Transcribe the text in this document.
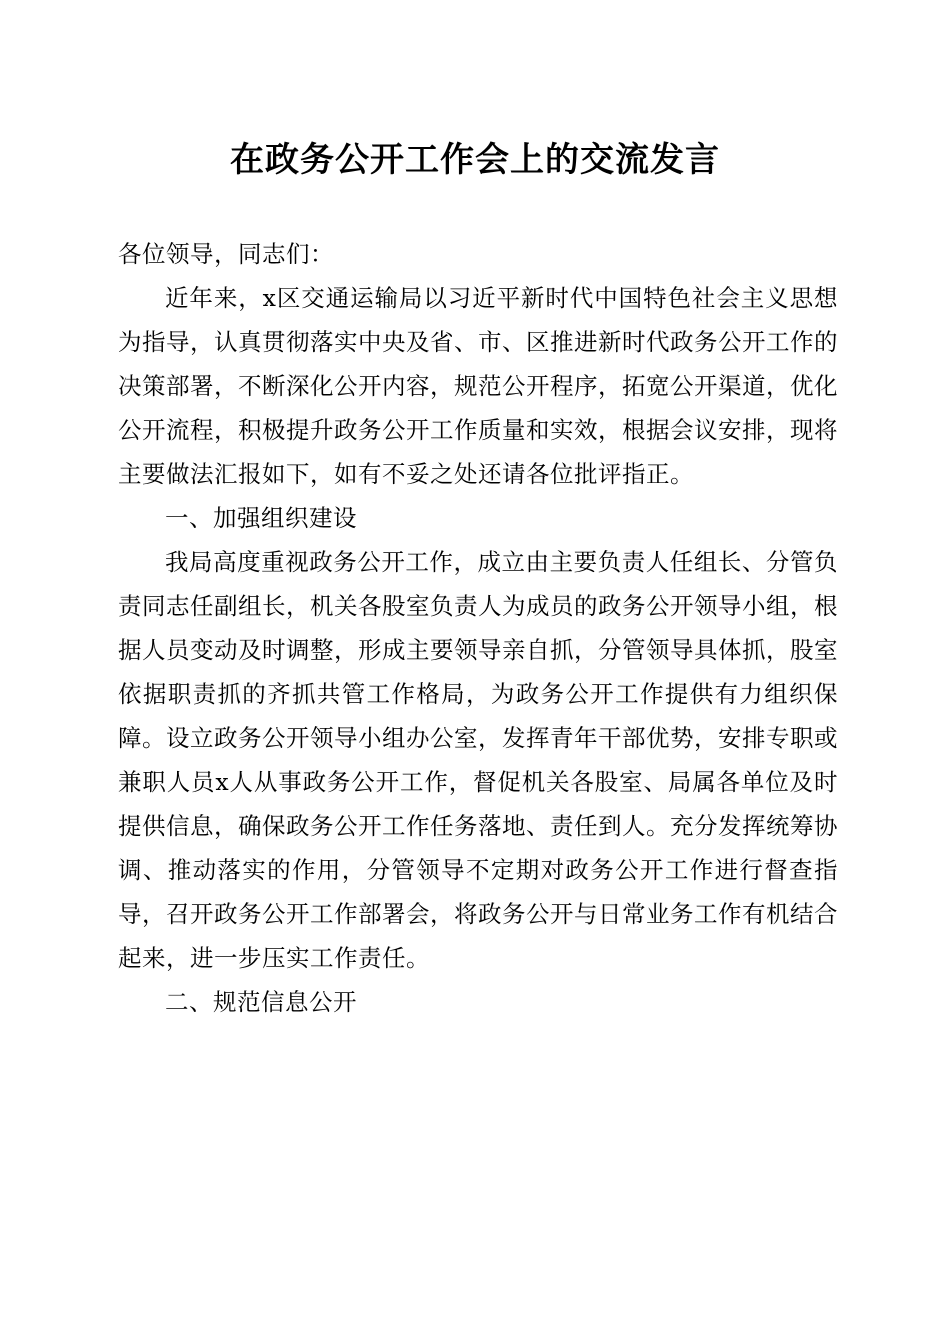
在政务公开工作会上的交流发言

各位领导，同志们：

近年来，x区交通运输局以习近平新时代中国特色社会主义思想为指导，认真贯彻落实中央及省、市、区推进新时代政务公开工作的决策部署，不断深化公开内容，规范公开程序，拓宽公开渠道，优化公开流程，积极提升政务公开工作质量和实效，根据会议安排，现将主要做法汇报如下，如有不妥之处还请各位批评指正。

一、加强组织建设

我局高度重视政务公开工作，成立由主要负责人任组长、分管负责同志任副组长，机关各股室负责人为成员的政务公开领导小组，根据人员变动及时调整，形成主要领导亲自抓，分管领导具体抓，股室依据职责抓的齐抓共管工作格局，为政务公开工作提供有力组织保障。设立政务公开领导小组办公室，发挥青年干部优势，安排专职或兼职人员x人从事政务公开工作，督促机关各股室、局属各单位及时提供信息，确保政务公开工作任务落地、责任到人。充分发挥统筹协调、推动落实的作用，分管领导不定期对政务公开工作进行督查指导，召开政务公开工作部署会，将政务公开与日常业务工作有机结合起来，进一步压实工作责任。

二、规范信息公开
